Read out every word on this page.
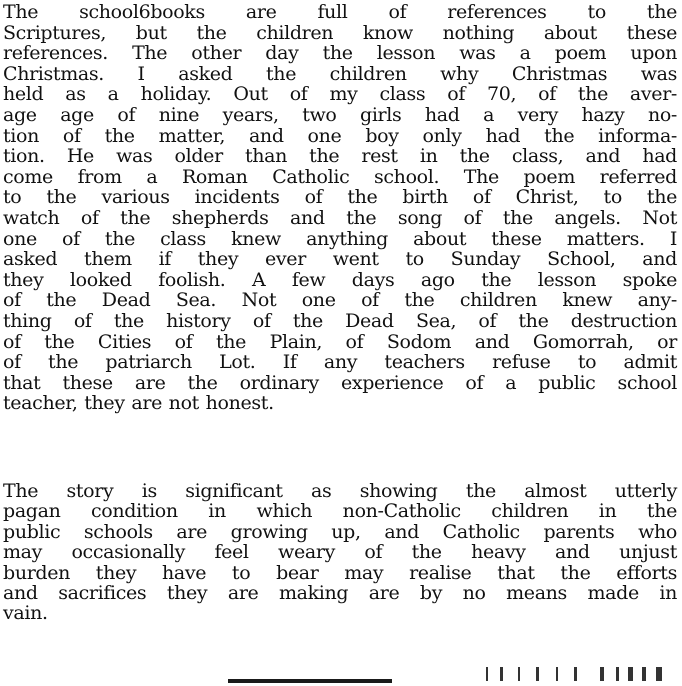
The school6books are full of references to the
Scriptures, but the children know nothing about these
references. The other day the lesson was a poem upon
Christmas. I asked the children why Christmas was
held as a holiday. Out of my class of 70, of the aver-
age age of nine years, two girls had a very hazy no-
tion of the matter, and one boy only had the informa-
tion. He was older than the rest in the class, and had
come from a Roman Catholic school. The poem referred
to the various incidents of the birth of Christ, to the
watch of the shepherds and the song of the angels. Not
one of the class knew anything about these matters. I
asked them if they ever went to Sunday School, and
they looked foolish. A few days ago the lesson spoke
of the Dead Sea. Not one of the children knew any-
thing of the history of the Dead Sea, of the destruction
of the Cities of the Plain, of Sodom and Gomorrah, or
of the patriarch Lot. If any teachers refuse to admit
that these are the ordinary experience of a public school
teacher, they are not honest.
The story is significant as showing the almost utterly
pagan condition in which non-Catholic children in the
public schools are growing up, and Catholic parents who
may occasionally feel weary of the heavy and unjust
burden they have to bear may realise that the efforts
and sacrifices they are making are by no means made in
vain.
